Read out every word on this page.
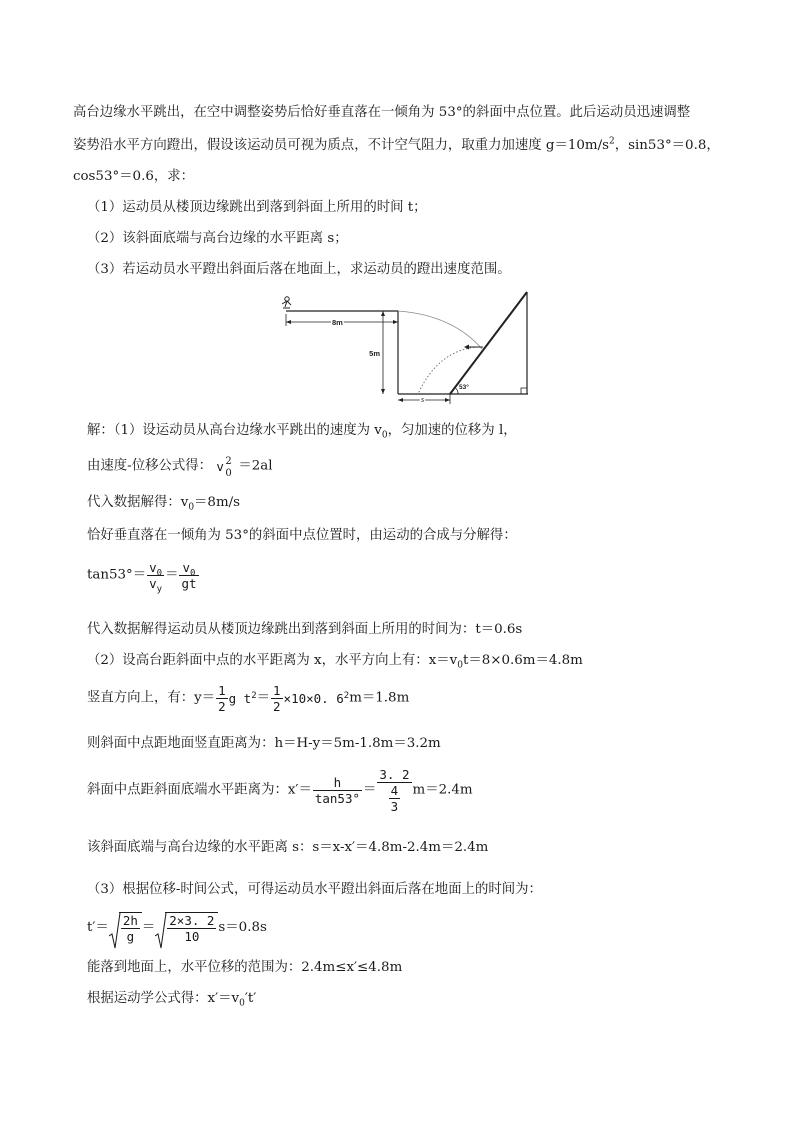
高台边缘水平跳出，在空中调整姿势后恰好垂直落在一倾角为 53°的斜面中点位置。此后运动员迅速调整
姿势沿水平方向蹬出，假设该运动员可视为质点，不计空气阻力，取重力加速度 $g=10m/s^2$，sin53°＝0.8，
cos53°＝0.6，求：
（1）运动员从楼顶边缘跳出到落到斜面上所用的时间 t；
（2）该斜面底端与高台边缘的水平距离 s；
（3）若运动员水平蹬出斜面后落在地面上，求运动员的蹬出速度范围。
8m
5m
s
53°
解：（1）设运动员从高台边缘水平跳出的速度为 $v_0$，匀加速的位移为 l，
由速度-位移公式得： v 2
0 ＝2al
代入数据解得：$v_0=8m/s$
恰好垂直落在一倾角为 53°的斜面中点位置时，由运动的合成与分解得：
$\tan 53^\circ= \frac{v_0}{v_y} = \frac{v_0}{gt}$
代入数据解得运动员从楼顶边缘跳出到落到斜面上所用的时间为：t＝0.6s
（2）设高台距斜面中点的水平距离为 x，水平方向上有：$x=v_0t=8\times 0.6m=4.8m$
竖直方向上，有：$y= \frac{1}{2}$ g $t^2= \frac{1}{2} \times 10\times 0$. $6^2m=1.8m$
则斜面中点距地面竖直距离为：h＝H-y＝5m-1.8m＝3.2m
斜面中点距斜面底端水平距离为：$x'= \frac{h}{\tan 53^\circ} = \frac{3. 2}{\frac{4}{3}} m=2.4m$
该斜面底端与高台边缘的水平距离 s：s＝x-x′＝4.8m-2.4m＝2.4m
（3）根据位移-时间公式，可得运动员水平蹬出斜面后落在地面上的时间为：
$t'= \frac{2h}{g} = \frac{2\times 3. 2}{10} s=0.8s$
能落到地面上，水平位移的范围为：2.4m≤x′≤4.8m
根据运动学公式得：$x'=v_0't'$
